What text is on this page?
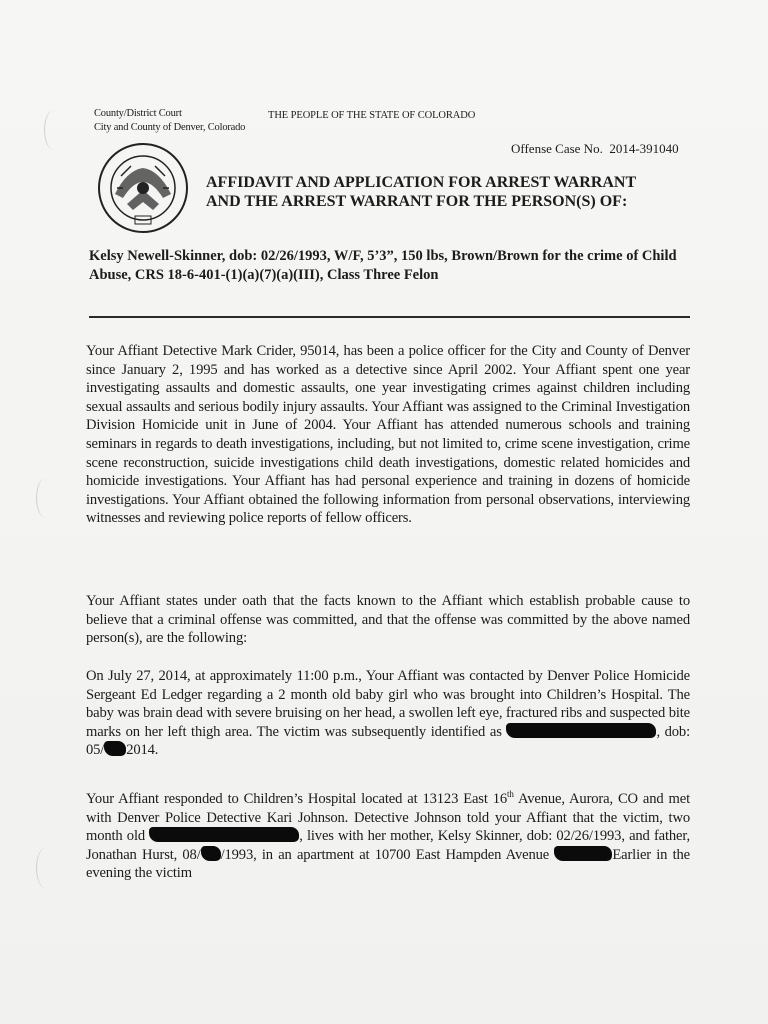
County/District Court
City and County of Denver, Colorado
THE PEOPLE OF THE STATE OF COLORADO
Offense Case No. 2014-391040
AFFIDAVIT AND APPLICATION FOR ARREST WARRANT
AND THE ARREST WARRANT FOR THE PERSON(S) OF:
Kelsy Newell-Skinner, dob: 02/26/1993, W/F, 5’3”, 150 lbs, Brown/Brown for the crime of Child Abuse, CRS 18-6-401-(1)(a)(7)(a)(III), Class Three Felon
Your Affiant Detective Mark Crider, 95014, has been a police officer for the City and County of Denver since January 2, 1995 and has worked as a detective since April 2002. Your Affiant spent one year investigating assaults and domestic assaults, one year investigating crimes against children including sexual assaults and serious bodily injury assaults. Your Affiant was assigned to the Criminal Investigation Division Homicide unit in June of 2004. Your Affiant has attended numerous schools and training seminars in regards to death investigations, including, but not limited to, crime scene investigation, crime scene reconstruction, suicide investigations child death investigations, domestic related homicides and homicide investigations. Your Affiant has had personal experience and training in dozens of homicide investigations. Your Affiant obtained the following information from personal observations, interviewing witnesses and reviewing police reports of fellow officers.
Your Affiant states under oath that the facts known to the Affiant which establish probable cause to believe that a criminal offense was committed, and that the offense was committed by the above named person(s), are the following:
On July 27, 2014, at approximately 11:00 p.m., Your Affiant was contacted by Denver Police Homicide Sergeant Ed Ledger regarding a 2 month old baby girl who was brought into Children’s Hospital. The baby was brain dead with severe bruising on her head, a swollen left eye, fractured ribs and suspected bite marks on her left thigh area. The victim was subsequently identified as	, dob: 05/ 2014.
Your Affiant responded to Children’s Hospital located at 13123 East 16th Avenue, Aurora, CO and met with Denver Police Detective Kari Johnson. Detective Johnson told your Affiant that the victim, two month old	, lives with her mother, Kelsy Skinner, dob: 02/26/1993, and father, Jonathan Hurst, 08/ /1993, in an apartment at 10700 East Hampden Avenue	Earlier in the evening the victim
